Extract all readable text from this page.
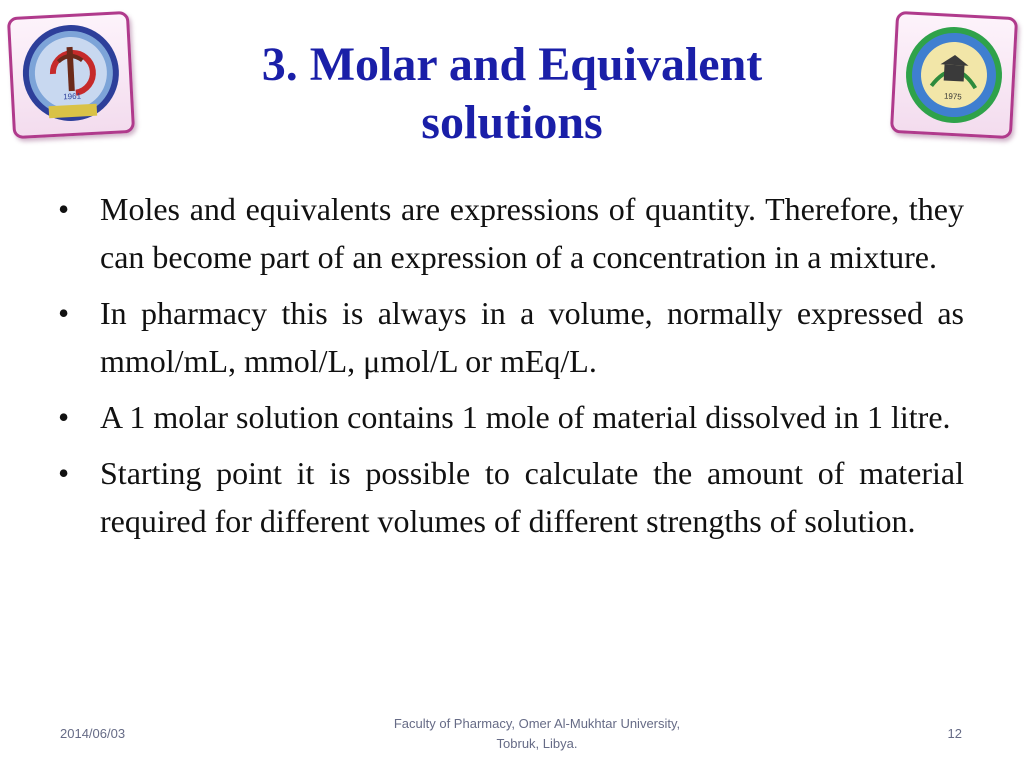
1961	1975
3. Molar and Equivalent
solutions
• Moles and equivalents are expressions of quantity. Therefore, they can become part of an expression of a concentration in a mixture.
• In pharmacy this is always in a volume, normally expressed as mmol/mL, mmol/L, μmol/L or mEq/L.
• A 1 molar solution contains 1 mole of material dissolved in 1 litre.
• Starting point it is possible to calculate the amount of material required for different volumes of different strengths of solution.
2014/06/03
Faculty of Pharmacy, Omer Al-Mukhtar University,
Tobruk, Libya.
12
